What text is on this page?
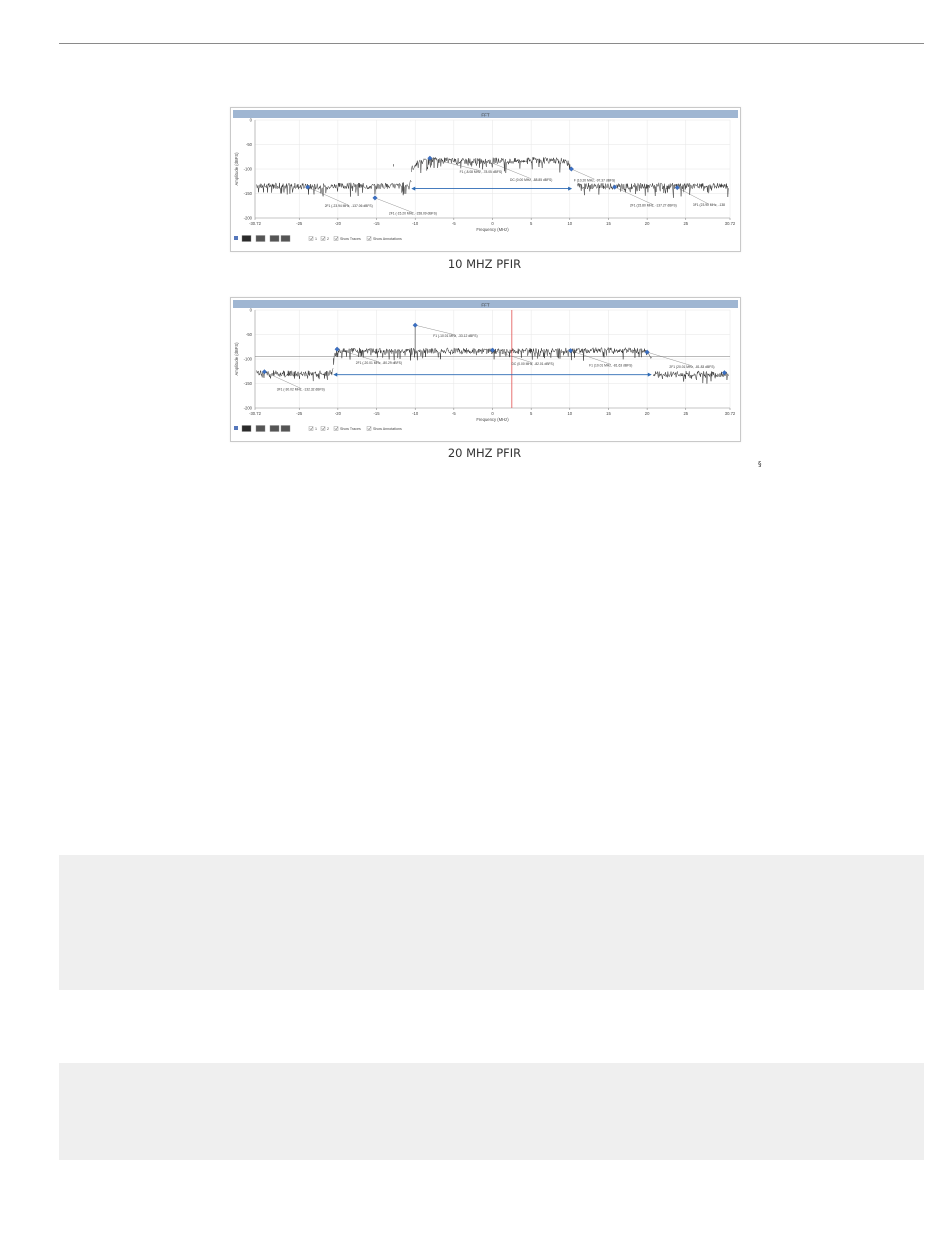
FFT
-30.72	-25	-20	-15	-10	-5	0	5	10	15	20	25	30.72
0
-50
-100
-150
-200
Frequency (MHz)
Amplitude (dBFS)	F1 (-8.08 MHz, -78.05 dBFS)
DC (0.00 MHz, -88.85 dBFS)	F (10.20 MHz, -97.37 dBFS)
2F1 (-23.94 MHz, -137.06 dBFS)
2F1 (-15.20 MHz, -158.09 dBFS)
2F1 (15.80 MHz, -137.27 dBFS)	3F1 (23.90 MHz, -138
1	2	Show Traces	Show Annotations
10 MHZ PFIR
FFT
-30.72	-25	-20	-15	-10	-5	0	5	10	15	20	25	30.72
0
-50
-100
-150
-200
Frequency (MHz)
Amplitude (dBFS)
F1 (-10.01 MHz, -33.12 dBFS)
2F1 (-20.01 MHz, -80.29 dBFS)	DC (0.00 MHz, -82.01 dBFS)	F1 (10.01 MHz, -81.63 dBFS)	2F1 (20.01 MHz, -81.83 dBFS)
3F1 (-30.02 MHz, -132.32 dBFS)
1	2	Show Traces	Show Annotations
20 MHZ PFIR
§
